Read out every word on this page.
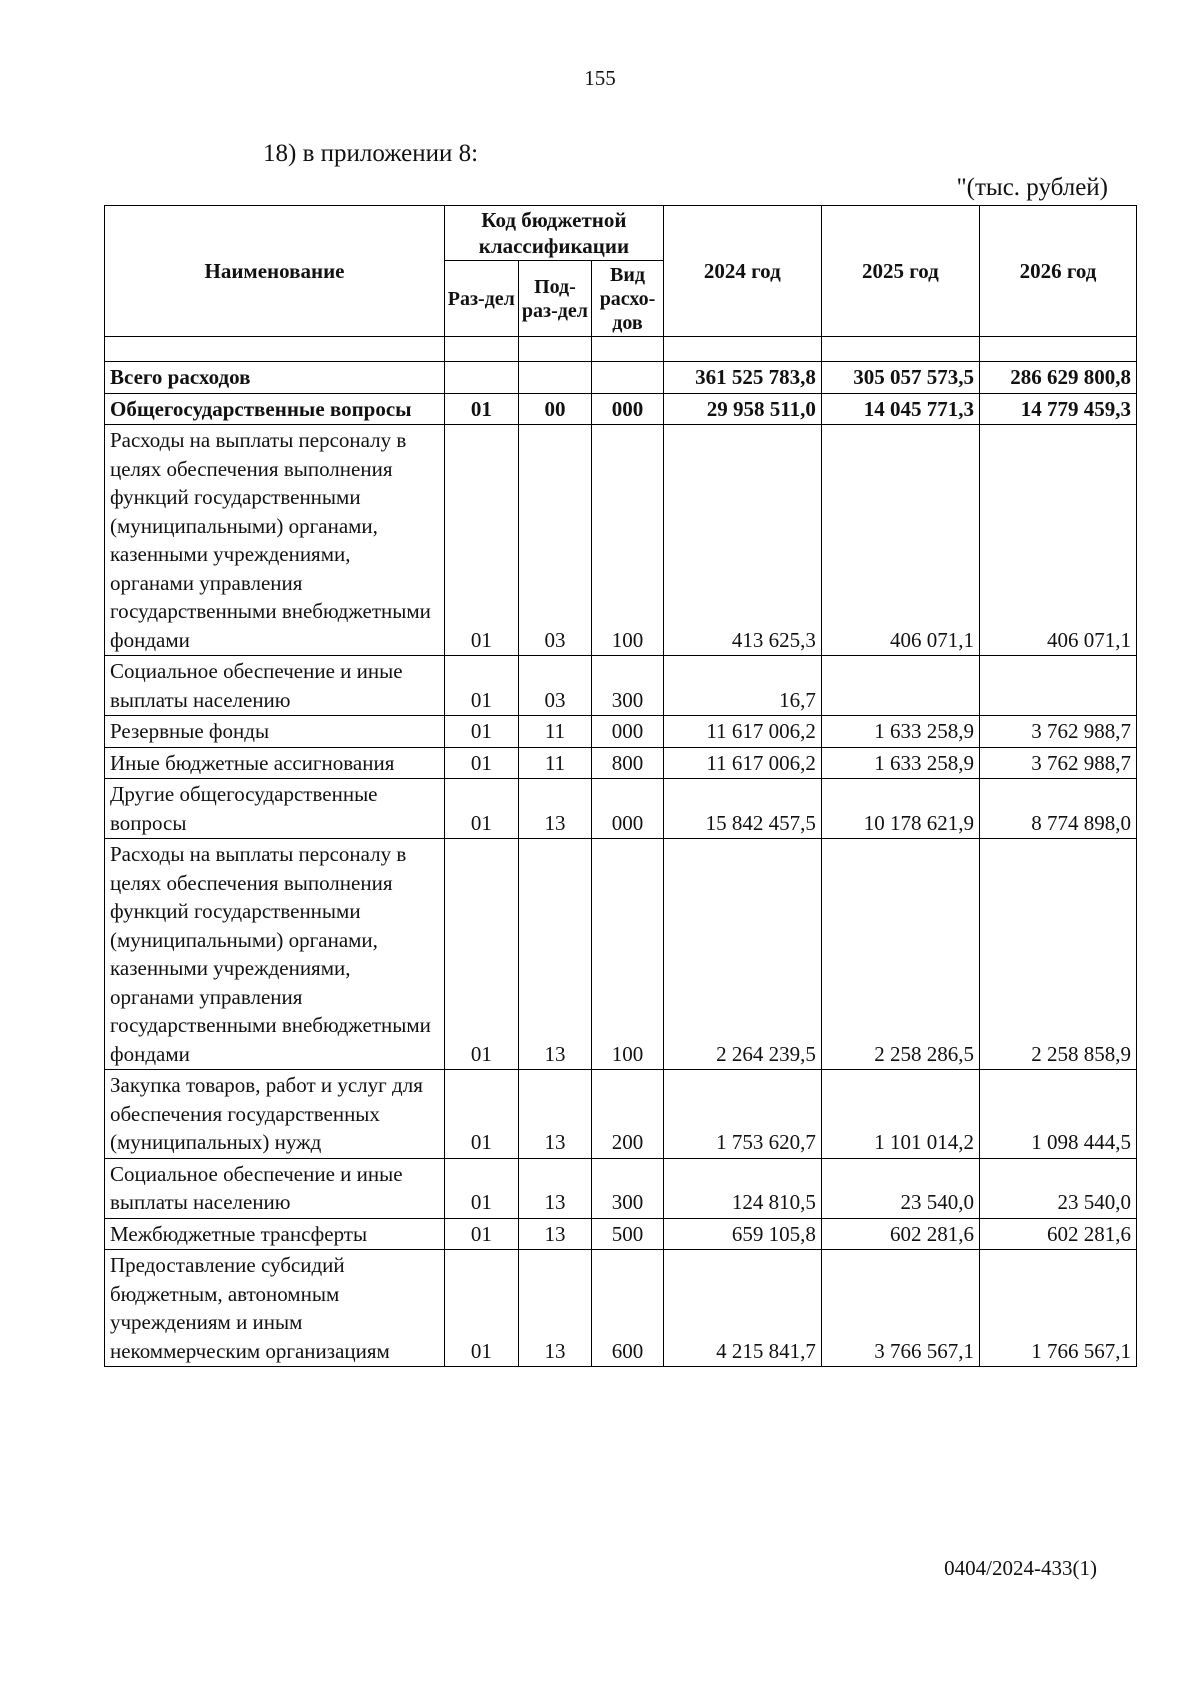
155
18) в приложении 8:
"(тыс. рублей)
Наименование	Код бюджетной классификации			2024 год	2025 год	2026 год
	Раз-дел	Под-раз-дел	Вид расхо-дов			

Всего расходов				361 525 783,8	305 057 573,5	286 629 800,8
Общегосударственные вопросы	01	00	000	29 958 511,0	14 045 771,3	14 779 459,3
Расходы на выплаты персоналу в целях обеспечения выполнения функций государственными (муниципальными) органами, казенными учреждениями, органами управления государственными внебюджетными фондами	01	03	100	413 625,3	406 071,1	406 071,1
Социальное обеспечение и иные выплаты населению	01	03	300	16,7		
Резервные фонды	01	11	000	11 617 006,2	1 633 258,9	3 762 988,7
Иные бюджетные ассигнования	01	11	800	11 617 006,2	1 633 258,9	3 762 988,7
Другие общегосударственные вопросы	01	13	000	15 842 457,5	10 178 621,9	8 774 898,0
Расходы на выплаты персоналу в целях обеспечения выполнения функций государственными (муниципальными) органами, казенными учреждениями, органами управления государственными внебюджетными фондами	01	13	100	2 264 239,5	2 258 286,5	2 258 858,9
Закупка товаров, работ и услуг для обеспечения государственных (муниципальных) нужд	01	13	200	1 753 620,7	1 101 014,2	1 098 444,5
Социальное обеспечение и иные выплаты населению	01	13	300	124 810,5	23 540,0	23 540,0
Межбюджетные трансферты	01	13	500	659 105,8	602 281,6	602 281,6
Предоставление субсидий бюджетным, автономным учреждениям и иным некоммерческим организациям	01	13	600	4 215 841,7	3 766 567,1	1 766 567,1
0404/2024-433(1)
